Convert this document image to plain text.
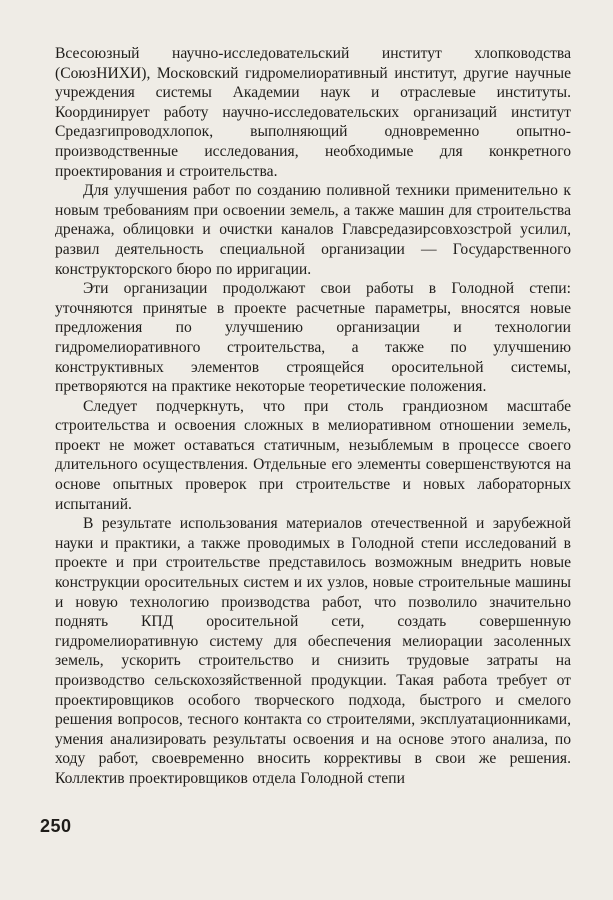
Всесоюзный научно-исследовательский институт хлопководства (СоюзНИХИ), Московский гидромелиоративный институт, другие научные учреждения системы Академии наук и отраслевые институты. Координирует работу научно-исследовательских организаций институт Средазгипроводхлопок, выполняющий одновременно опытно-производственные исследования, необходимые для конкретного проектирования и строительства.

Для улучшения работ по созданию поливной техники применительно к новым требованиям при освоении земель, а также машин для строительства дренажа, облицовки и очистки каналов Главсредазирсовхозстрой усилил, развил деятельность специальной организации — Государственного конструкторского бюро по ирригации.

Эти организации продолжают свои работы в Голодной степи: уточняются принятые в проекте расчетные параметры, вносятся новые предложения по улучшению организации и технологии гидромелиоративного строительства, а также по улучшению конструктивных элементов строящейся оросительной системы, претворяются на практике некоторые теоретические положения.

Следует подчеркнуть, что при столь грандиозном масштабе строительства и освоения сложных в мелиоративном отношении земель, проект не может оставаться статичным, незыблемым в процессе своего длительного осуществления. Отдельные его элементы совершенствуются на основе опытных проверок при строительстве и новых лабораторных испытаний.

В результате использования материалов отечественной и зарубежной науки и практики, а также проводимых в Голодной степи исследований в проекте и при строительстве представилось возможным внедрить новые конструкции оросительных систем и их узлов, новые строительные машины и новую технологию производства работ, что позволило значительно поднять КПД оросительной сети, создать совершенную гидромелиоративную систему для обеспечения мелиорации засоленных земель, ускорить строительство и снизить трудовые затраты на производство сельскохозяйственной продукции. Такая работа требует от проектировщиков особого творческого подхода, быстрого и смелого решения вопросов, тесного контакта со строителями, эксплуатационниками, умения анализировать результаты освоения и на основе этого анализа, по ходу работ, своевременно вносить коррективы в свои же решения. Коллектив проектировщиков отдела Голодной степи

250
